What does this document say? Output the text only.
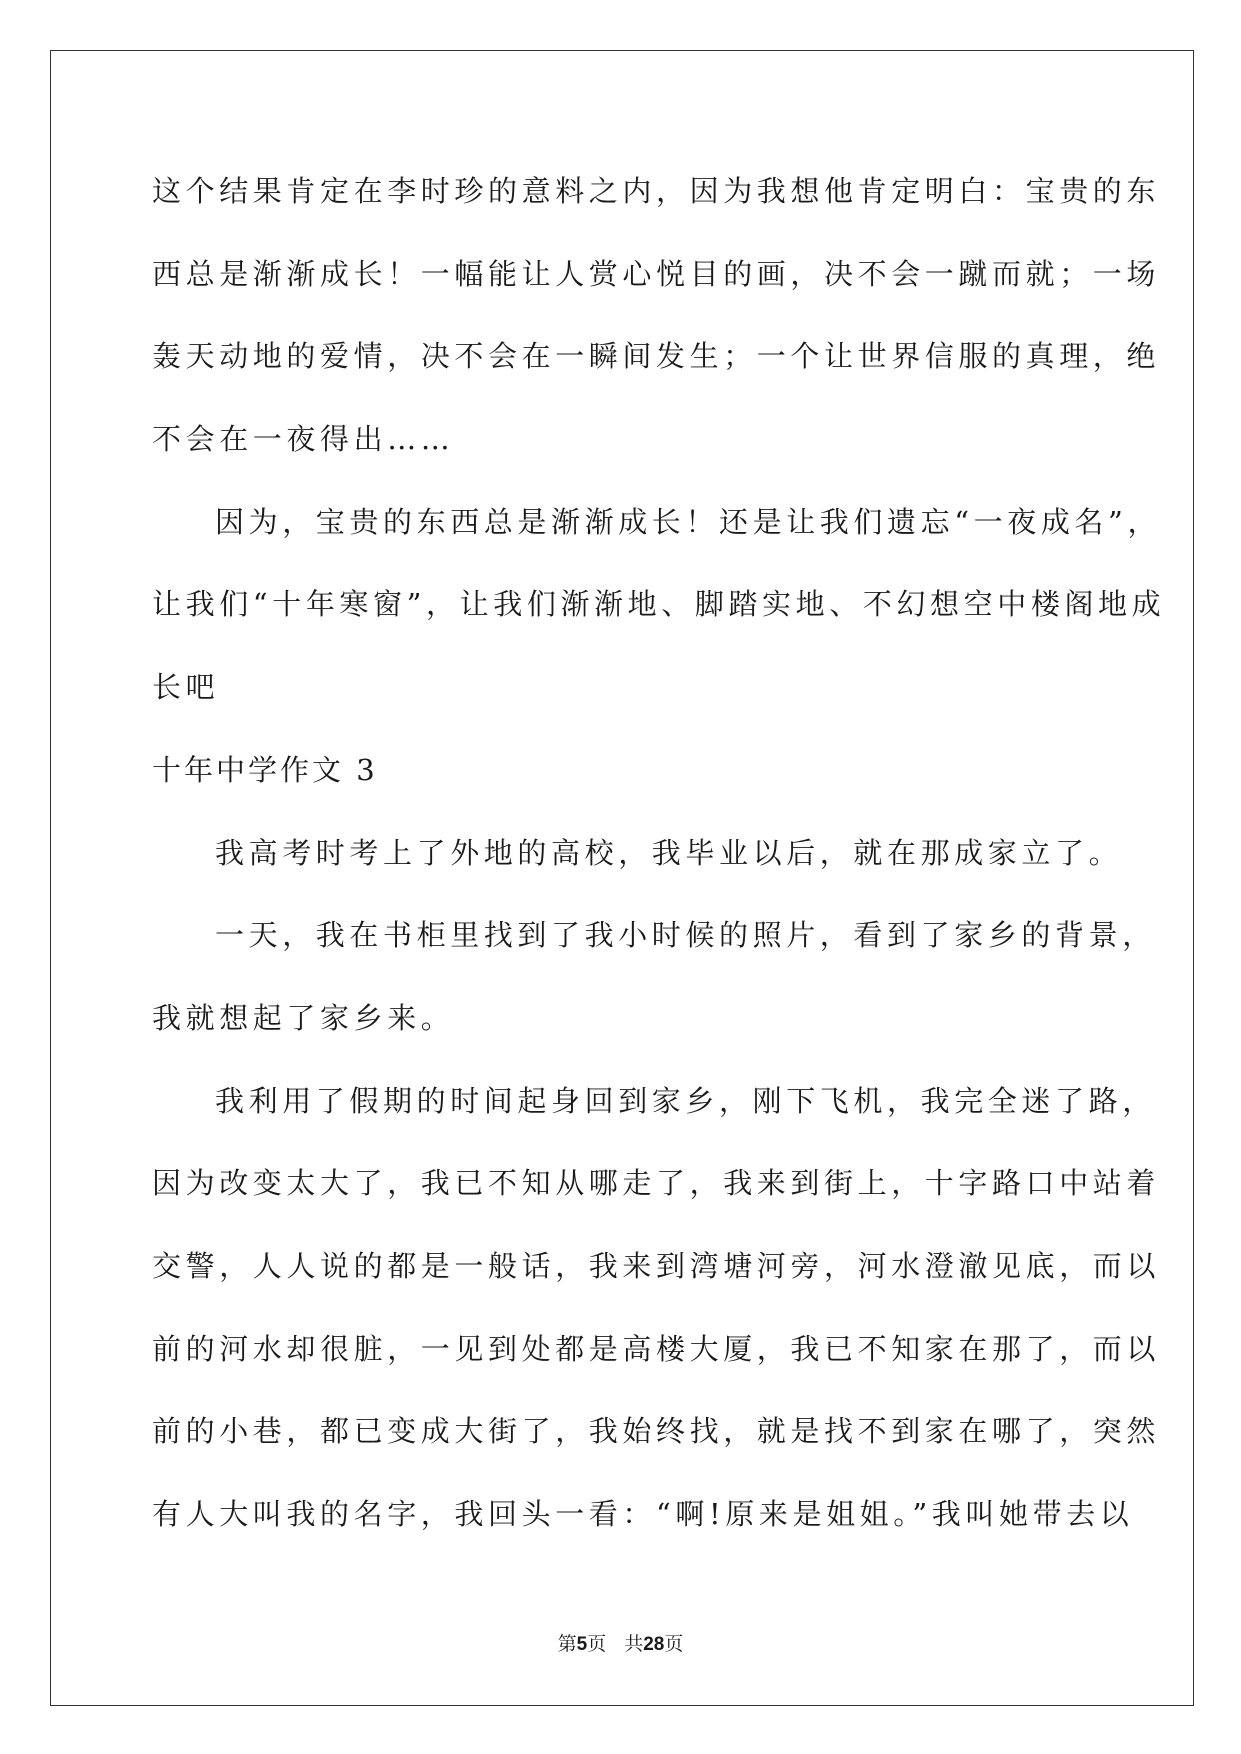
这个结果肯定在李时珍的意料之内，因为我想他肯定明白：宝贵的东
西总是渐渐成长！一幅能让人赏心悦目的画，决不会一蹴而就；一场
轰天动地的爱情，决不会在一瞬间发生；一个让世界信服的真理，绝
不会在一夜得出……
因为，宝贵的东西总是渐渐成长！还是让我们遗忘“一夜成名”，
让我们“十年寒窗”，让我们渐渐地、脚踏实地、不幻想空中楼阁地成
长吧
十年中学作文 3
我高考时考上了外地的高校，我毕业以后，就在那成家立了。
一天，我在书柜里找到了我小时候的照片，看到了家乡的背景，
我就想起了家乡来。
我利用了假期的时间起身回到家乡，刚下飞机，我完全迷了路，
因为改变太大了，我已不知从哪走了，我来到街上，十字路口中站着
交警，人人说的都是一般话，我来到湾塘河旁，河水澄澈见底，而以
前的河水却很脏，一见到处都是高楼大厦，我已不知家在那了，而以
前的小巷，都已变成大街了，我始终找，就是找不到家在哪了，突然
有人大叫我的名字，我回头一看：“啊!原来是姐姐。”我叫她带去以
第5页 共28页
